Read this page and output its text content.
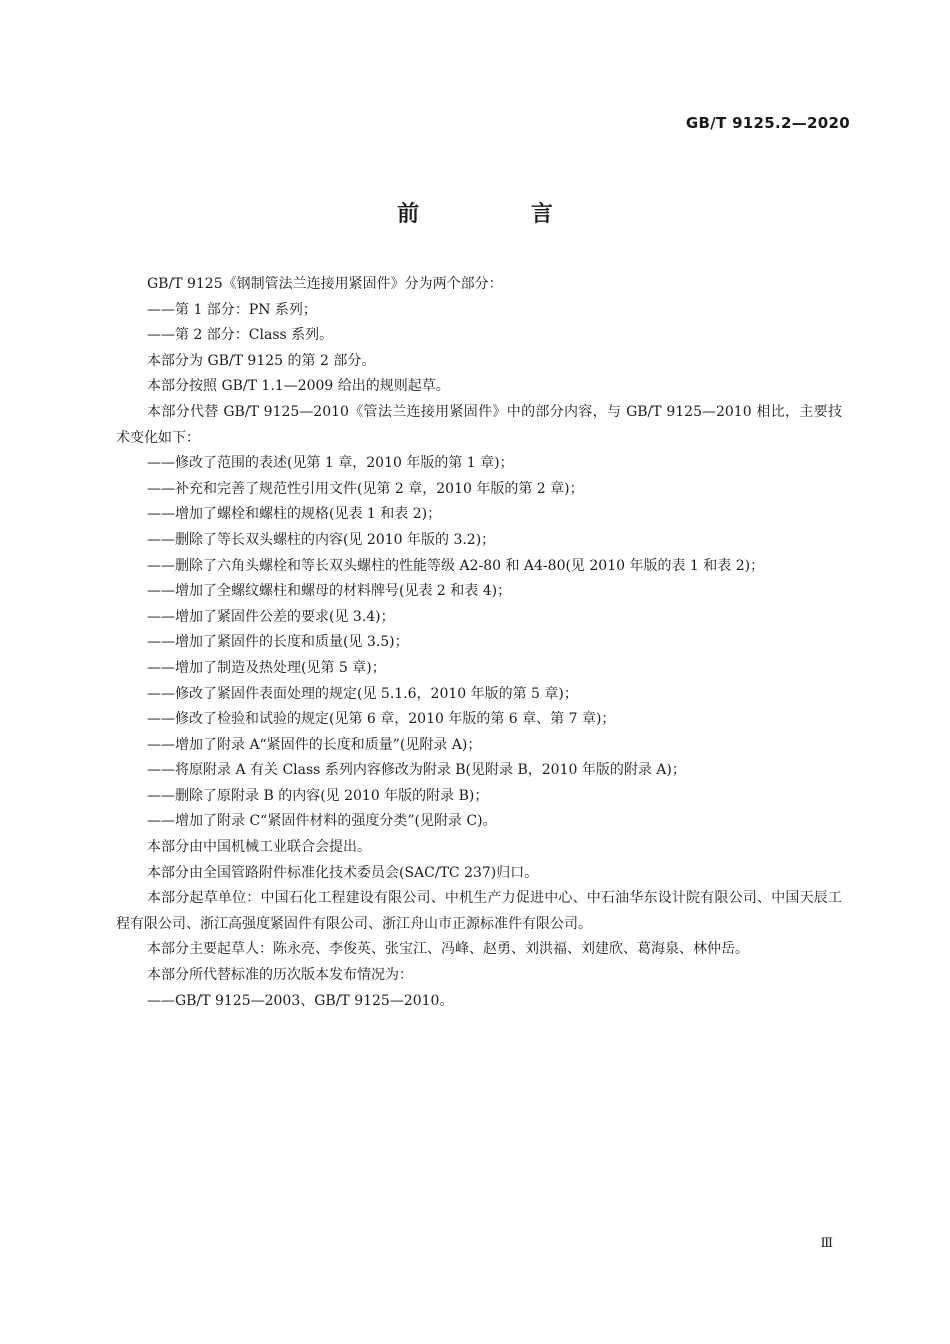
GB/T 9125.2—2020
前 言

GB/T 9125《钢制管法兰连接用紧固件》分为两个部分：

——第 1 部分：PN 系列；

——第 2 部分：Class 系列。

本部分为 GB/T 9125 的第 2 部分。

本部分按照 GB/T 1.1—2009 给出的规则起草。

本部分代替 GB/T 9125—2010《管法兰连接用紧固件》中的部分内容，与 GB/T 9125—2010 相比，主要技术变化如下：

——修改了范围的表述(见第 1 章，2010 年版的第 1 章)；

——补充和完善了规范性引用文件(见第 2 章，2010 年版的第 2 章)；

——增加了螺栓和螺柱的规格(见表 1 和表 2)；

——删除了等长双头螺柱的内容(见 2010 年版的 3.2)；

——删除了六角头螺栓和等长双头螺柱的性能等级 A2-80 和 A4-80(见 2010 年版的表 1 和表 2)；

——增加了全螺纹螺柱和螺母的材料牌号(见表 2 和表 4)；

——增加了紧固件公差的要求(见 3.4)；

——增加了紧固件的长度和质量(见 3.5)；

——增加了制造及热处理(见第 5 章)；

——修改了紧固件表面处理的规定(见 5.1.6，2010 年版的第 5 章)；

——修改了检验和试验的规定(见第 6 章，2010 年版的第 6 章、第 7 章)；

——增加了附录 A“紧固件的长度和质量”(见附录 A)；

——将原附录 A 有关 Class 系列内容修改为附录 B(见附录 B，2010 年版的附录 A)；

——删除了原附录 B 的内容(见 2010 年版的附录 B)；

——增加了附录 C“紧固件材料的强度分类”(见附录 C)。

本部分由中国机械工业联合会提出。

本部分由全国管路附件标准化技术委员会(SAC/TC 237)归口。

本部分起草单位：中国石化工程建设有限公司、中机生产力促进中心、中石油华东设计院有限公司、中国天辰工程有限公司、浙江高强度紧固件有限公司、浙江舟山市正源标准件有限公司。

本部分主要起草人：陈永亮、李俊英、张宝江、冯峰、赵勇、刘洪福、刘建欣、葛海泉、林仲岳。

本部分所代替标准的历次版本发布情况为：

——GB/T 9125—2003、GB/T 9125—2010。

Ⅲ
